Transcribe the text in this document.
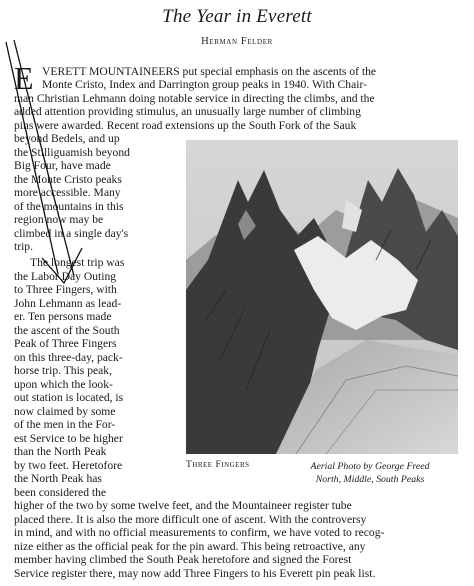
The Year in Everett
Herman Felder
E VERETT MOUNTAINEERS put special emphasis on the ascents of the
Monte Cristo, Index and Darrington group peaks in 1940. With Chair-
man Christian Lehmann doing notable service in directing the climbs, and the
added attention providing stimulus, an unusually large number of climbing
pins were awarded. Recent road extensions up the South Fork of the Sauk
beyond Bedels, and up
the Stilliguamish beyond
Big Four, have made
the Monte Cristo peaks
more accessible. Many
of the mountains in this
region now may be
climbed in a single day's
trip.
The longest trip was
the Labor Day Outing
to Three Fingers, with
John Lehmann as lead-
er. Ten persons made
the ascent of the South
Peak of Three Fingers
on this three-day, pack-
horse trip. This peak,
upon which the look-
out station is located, is
now claimed by some
of the men in the For-
est Service to be higher
than the North Peak
by two feet. Heretofore
the North Peak has
been considered the
higher of the two by some twelve feet, and the Mountaineer register tube
placed there. It is also the more difficult one of ascent. With the controversy
in mind, and with no official measurements to confirm, we have voted to recog-
nize either as the official peak for the pin award. This being retroactive, any
member having climbed the South Peak heretofore and signed the Forest
Service register there, may now add Three Fingers to his Everett pin peak list.
Three Fingers	Aerial Photo by George Freed
North, Middle, South Peaks
